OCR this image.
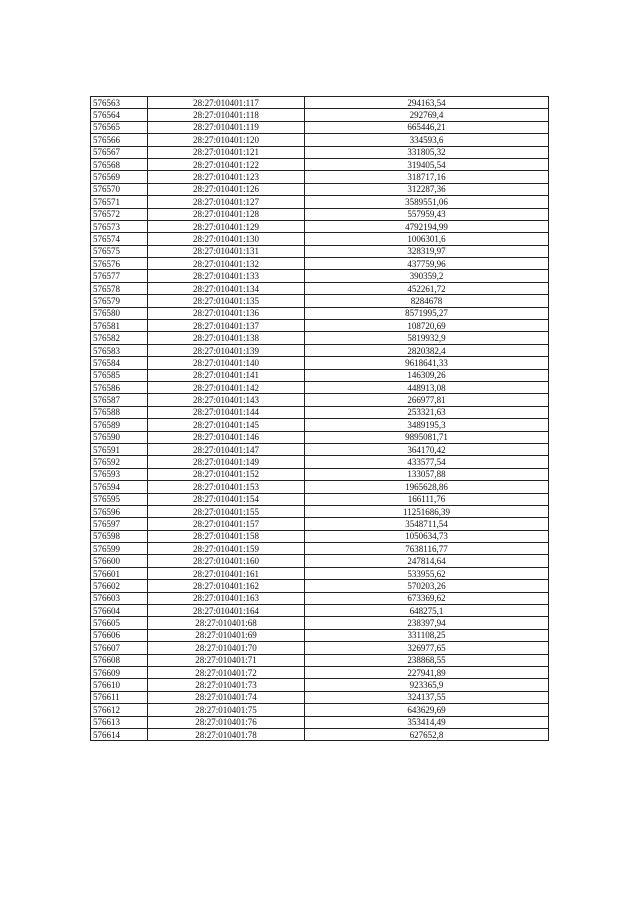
576563	28:27:010401:117	294163,54
576564	28:27:010401:118	292769,4
576565	28:27:010401:119	665446,21
576566	28:27:010401:120	334593,6
576567	28:27:010401:121	331805,32
576568	28:27:010401:122	319405,54
576569	28:27:010401:123	318717,16
576570	28:27:010401:126	312287,36
576571	28:27:010401:127	3589551,06
576572	28:27:010401:128	557959,43
576573	28:27:010401:129	4792194,99
576574	28:27:010401:130	1006301,6
576575	28:27:010401:131	328319,97
576576	28:27:010401:132	437759,96
576577	28:27:010401:133	390359,2
576578	28:27:010401:134	452261,72
576579	28:27:010401:135	8284678
576580	28:27:010401:136	8571995,27
576581	28:27:010401:137	108720,69
576582	28:27:010401:138	5819932,9
576583	28:27:010401:139	2820382,4
576584	28:27:010401:140	9618641,33
576585	28:27:010401:141	146309,26
576586	28:27:010401:142	448913,08
576587	28:27:010401:143	266977,81
576588	28:27:010401:144	253321,63
576589	28:27:010401:145	3489195,3
576590	28:27:010401:146	9895081,71
576591	28:27:010401:147	364170,42
576592	28:27:010401:149	433577,54
576593	28:27:010401:152	133057,88
576594	28:27:010401:153	1965628,86
576595	28:27:010401:154	166111,76
576596	28:27:010401:155	11251686,39
576597	28:27:010401:157	3548711,54
576598	28:27:010401:158	1050634,73
576599	28:27:010401:159	7638116,77
576600	28:27:010401:160	247814,64
576601	28:27:010401:161	533955,62
576602	28:27:010401:162	570203,26
576603	28:27:010401:163	673369,62
576604	28:27:010401:164	648275,1
576605	28:27:010401:68	238397,94
576606	28:27:010401:69	331108,25
576607	28:27:010401:70	326977,65
576608	28:27:010401:71	238868,55
576609	28:27:010401:72	227941,89
576610	28:27:010401:73	923365,9
576611	28:27:010401:74	324137,55
576612	28:27:010401:75	643629,69
576613	28:27:010401:76	353414,49
576614	28:27:010401:78	627652,8
